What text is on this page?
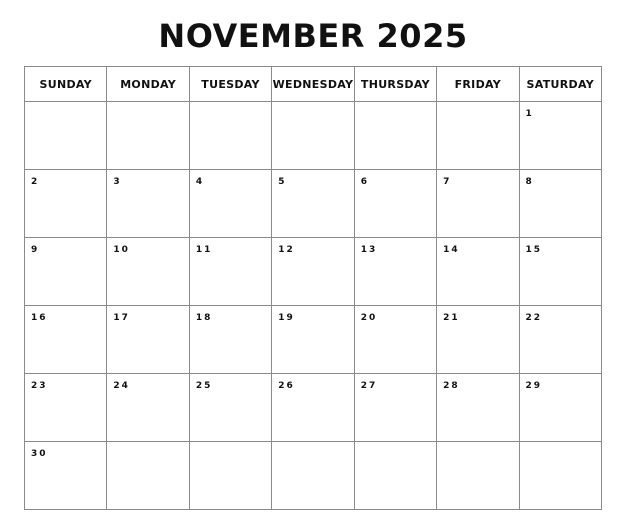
NOVEMBER 2025
SUNDAY	MONDAY	TUESDAY	WEDNESDAY	THURSDAY	FRIDAY	SATURDAY

						1

2	3	4	5	6	7	8

9	10	11	12	13	14	15

16	17	18	19	20	21	22

23	24	25	26	27	28	29

30						
